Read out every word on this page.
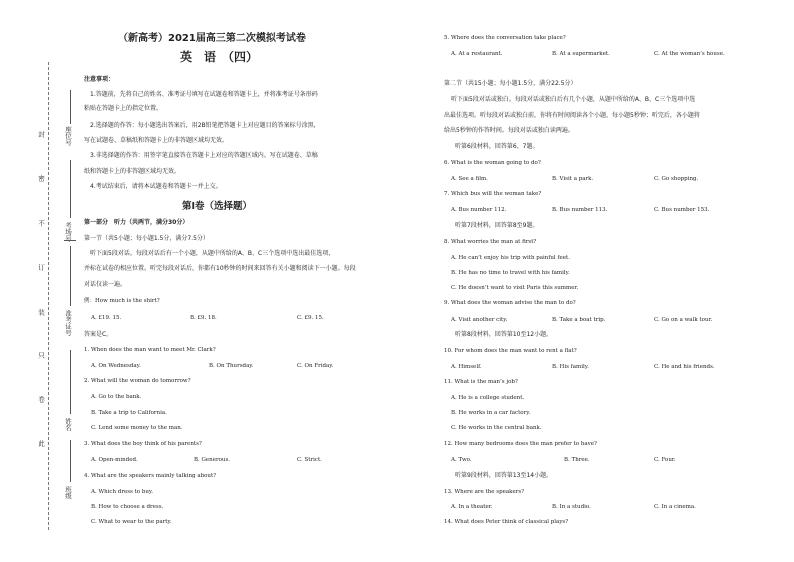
封
密
不
订
装
只
卷
此
座位号
考场号
准考证号
姓名
班级
（新高考）2021届高三第二次模拟考试卷
英　语　（四）
注意事项：
1.答题前，先将自己的姓名、准考证号填写在试题卷和答题卡上，并将准考证号条形码
粘贴在答题卡上的指定位置。
2.选择题的作答：每小题选出答案后，用2B铅笔把答题卡上对应题目的答案标号涂黑，
写在试题卷、草稿纸和答题卡上的非答题区域均无效。
3.非选择题的作答：用签字笔直接答在答题卡上对应的答题区域内。写在试题卷、草稿
纸和答题卡上的非答题区域均无效。
4.考试结束后，请将本试题卷和答题卡一并上交。
第Ⅰ卷（选择题）
第一部分　听力（共两节，满分30分）
第一节（共5小题；每小题1.5分，满分7.5分）
听下面5段对话。每段对话后有一个小题，从题中所给的A、B、C三个选项中选出最佳选项，
并标在试卷的相应位置。听完每段对话后，你都有10秒钟的时间来回答有关小题和阅读下一小题。每段
对话仅读一遍。
例：How much is the shirt?
A. £19. 15.	B. £9. 18.	C. £9. 15.
答案是C。
1. When does the man want to meet Mr. Clark?
A. On Wednesday.	B. On Thursday.	C. On Friday.
2. What will the woman do tomorrow?
A. Go to the bank.
B. Take a trip to California.
C. Lend some money to the man.
3. What does the boy think of his parents?
A. Open-minded.	B. Generous.	C. Strict.
4. What are the speakers mainly talking about?
A. Which dress to buy.
B. How to choose a dress.
C. What to wear to the party.
5. Where does the conversation take place?
A. At a restaurant.	B. At a supermarket.	C. At the woman’s house.
第二节（共15小题；每小题1.5分，满分22.5分）
听下面5段对话或独白。每段对话或独白后有几个小题，从题中所给的A、B、C三个选项中选
出最佳选项。听每段对话或独白前，你将有时间阅读各个小题，每小题5秒钟；听完后，各小题将
给出5秒钟的作答时间。每段对话或独白读两遍。
听第6段材料，回答第6、7题。
6. What is the woman going to do?
A. See a film.	B. Visit a park.	C. Go shopping.
7. Which bus will the woman take?
A. Bus number 112.	B. Bus number 113.	C. Bus number 153.
听第7段材料，回答第8至9题。
8. What worries the man at first?
A. He can’t enjoy his trip with painful feet.
B. He has no time to travel with his family.
C. He doesn’t want to visit Paris this summer.
9. What does the woman advise the man to do?
A. Visit another city.	B. Take a boat trip.	C. Go on a walk tour.
听第8段材料，回答第10至12小题。
10. For whom does the man want to rent a flat?
A. Himself.	B. His family.	C. He and his friends.
11. What is the man’s job?
A. He is a college student.
B. He works in a car factory.
C. He works in the central bank.
12. How many bedrooms does the man prefer to have?
A. Two.	B. Three.	C. Four.
听第9段材料，回答第13至14小题。
13. Where are the speakers?
A. In a theater.	B. In a studio.	C. In a cinema.
14. What does Peter think of classical plays?
